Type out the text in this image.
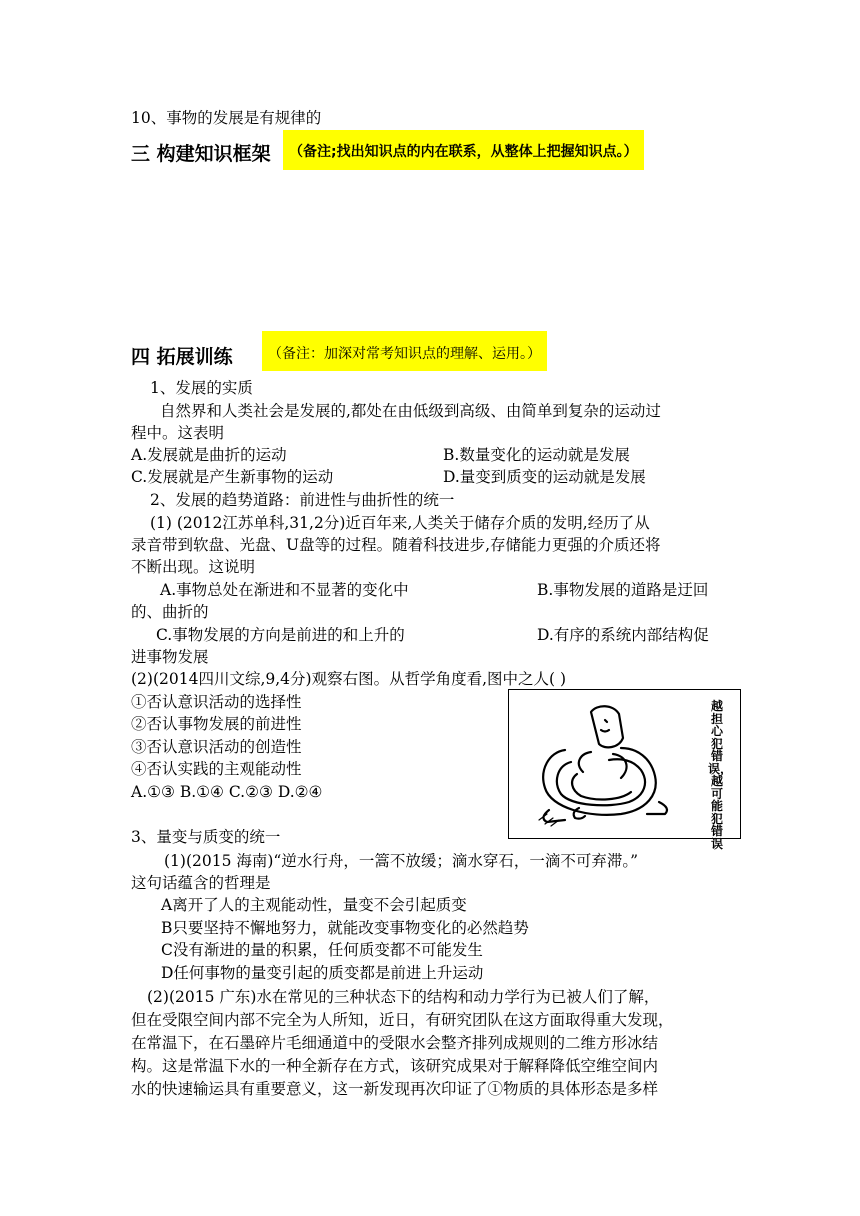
10、事物的发展是有规律的
三 构建知识框架	（备注;找出知识点的内在联系，从整体上把握知识点。）
四 拓展训练	（备注：加深对常考知识点的理解、运用。）
1、发展的实质
自然界和人类社会是发展的,都处在由低级到高级、由简单到复杂的运动过
程中。这表明
A.发展就是曲折的运动	B.数量变化的运动就是发展
C.发展就是产生新事物的运动	D.量变到质变的运动就是发展
2、发展的趋势道路：前进性与曲折性的统一
(1) (2012江苏单科,31,2分)近百年来,人类关于储存介质的发明,经历了从
录音带到软盘、光盘、U盘等的过程。随着科技进步,存储能力更强的介质还将
不断出现。这说明
A.事物总处在渐进和不显著的变化中	B.事物发展的道路是迂回
的、曲折的
C.事物发展的方向是前进的和上升的	D.有序的系统内部结构促
进事物发展
(2)(2014四川文综,9,4分)观察右图。从哲学角度看,图中之人( )
①否认意识活动的选择性
②否认事物发展的前进性
③否认意识活动的创造性
④否认实践的主观能动性
A.①③ B.①④ C.②③ D.②④
越担心犯错误，越可能犯错误
3、量变与质变的统一
(1)(2015 海南)“逆水行舟，一篙不放缓；滴水穿石，一滴不可弃滞。”
这句话蕴含的哲理是
A离开了人的主观能动性，量变不会引起质变
B只要坚持不懈地努力，就能改变事物变化的必然趋势
C没有渐进的量的积累，任何质变都不可能发生
D任何事物的量变引起的质变都是前进上升运动
(2)(2015 广东)水在常见的三种状态下的结构和动力学行为已被人们了解，
但在受限空间内部不完全为人所知，近日，有研究团队在这方面取得重大发现，
在常温下，在石墨碎片毛细通道中的受限水会整齐排列成规则的二维方形冰结
构。这是常温下水的一种全新存在方式，该研究成果对于解释降低空维空间内
水的快速输运具有重要意义，这一新发现再次印证了①物质的具体形态是多样
